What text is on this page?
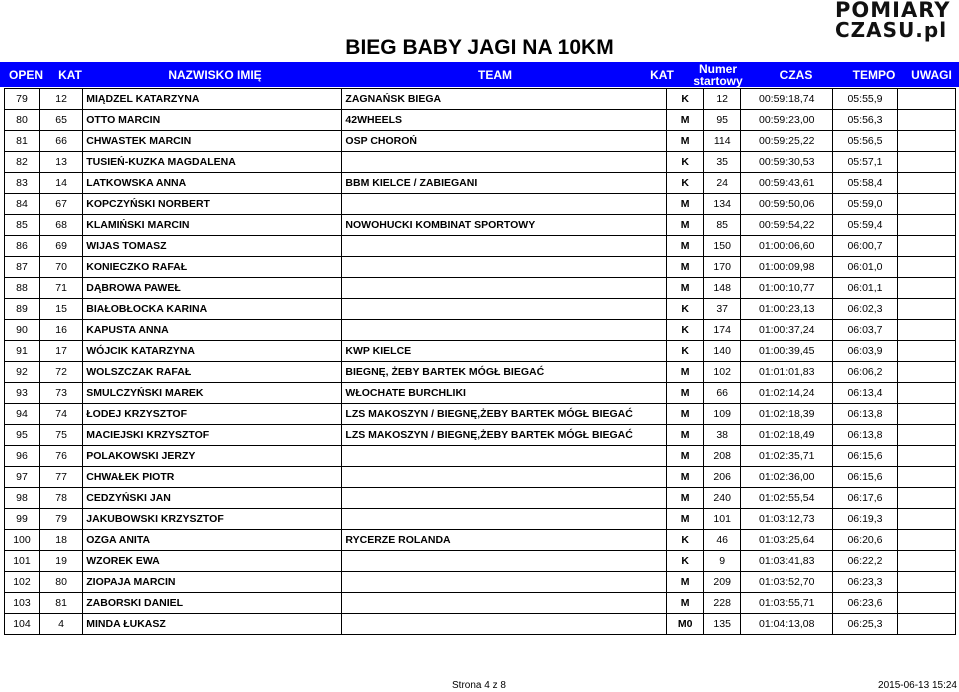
BIEG BABY JAGI NA 10KM
POMIARY
CZASU.pl
OPEN	KAT	NAZWISKO IMIĘ	TEAM	KAT	Numer startowy	CZAS	TEMPO	UWAGI
79	12	MIĄDZEL KATARZYNA	ZAGNAŃSK BIEGA	K	12	00:59:18,74	05:55,9	
80	65	OTTO MARCIN	42WHEELS	M	95	00:59:23,00	05:56,3	
81	66	CHWASTEK MARCIN	OSP CHOROŃ	M	114	00:59:25,22	05:56,5	
82	13	TUSIEŃ-KUZKA MAGDALENA		K	35	00:59:30,53	05:57,1	
83	14	LATKOWSKA ANNA	BBM KIELCE / ZABIEGANI	K	24	00:59:43,61	05:58,4	
84	67	KOPCZYŃSKI NORBERT		M	134	00:59:50,06	05:59,0	
85	68	KLAMIŃSKI MARCIN	NOWOHUCKI KOMBINAT SPORTOWY	M	85	00:59:54,22	05:59,4	
86	69	WIJAS TOMASZ		M	150	01:00:06,60	06:00,7	
87	70	KONIECZKO RAFAŁ		M	170	01:00:09,98	06:01,0	
88	71	DĄBROWA PAWEŁ		M	148	01:00:10,77	06:01,1	
89	15	BIAŁOBŁOCKA KARINA		K	37	01:00:23,13	06:02,3	
90	16	KAPUSTA ANNA		K	174	01:00:37,24	06:03,7	
91	17	WÓJCIK KATARZYNA	KWP KIELCE	K	140	01:00:39,45	06:03,9	
92	72	WOLSZCZAK RAFAŁ	BIEGNĘ, ŻEBY BARTEK MÓGŁ BIEGAĆ	M	102	01:01:01,83	06:06,2	
93	73	SMULCZYŃSKI MAREK	WŁOCHATE BURCHLIKI	M	66	01:02:14,24	06:13,4	
94	74	ŁODEJ KRZYSZTOF	LZS MAKOSZYN / BIEGNĘ,ŻEBY BARTEK MÓGŁ BIEGAĆ	M	109	01:02:18,39	06:13,8	
95	75	MACIEJSKI KRZYSZTOF	LZS MAKOSZYN / BIEGNĘ,ŻEBY BARTEK MÓGŁ BIEGAĆ	M	38	01:02:18,49	06:13,8	
96	76	POLAKOWSKI JERZY		M	208	01:02:35,71	06:15,6	
97	77	CHWAŁEK PIOTR		M	206	01:02:36,00	06:15,6	
98	78	CEDZYŃSKI JAN		M	240	01:02:55,54	06:17,6	
99	79	JAKUBOWSKI KRZYSZTOF		M	101	01:03:12,73	06:19,3	
100	18	OZGA ANITA	RYCERZE ROLANDA	K	46	01:03:25,64	06:20,6	
101	19	WZOREK EWA		K	9	01:03:41,83	06:22,2	
102	80	ZIOPAJA MARCIN		M	209	01:03:52,70	06:23,3	
103	81	ZABORSKI DANIEL		M	228	01:03:55,71	06:23,6	
104	4	MINDA ŁUKASZ		M0	135	01:04:13,08	06:25,3	
Strona 4 z 8	2015-06-13 15:24
